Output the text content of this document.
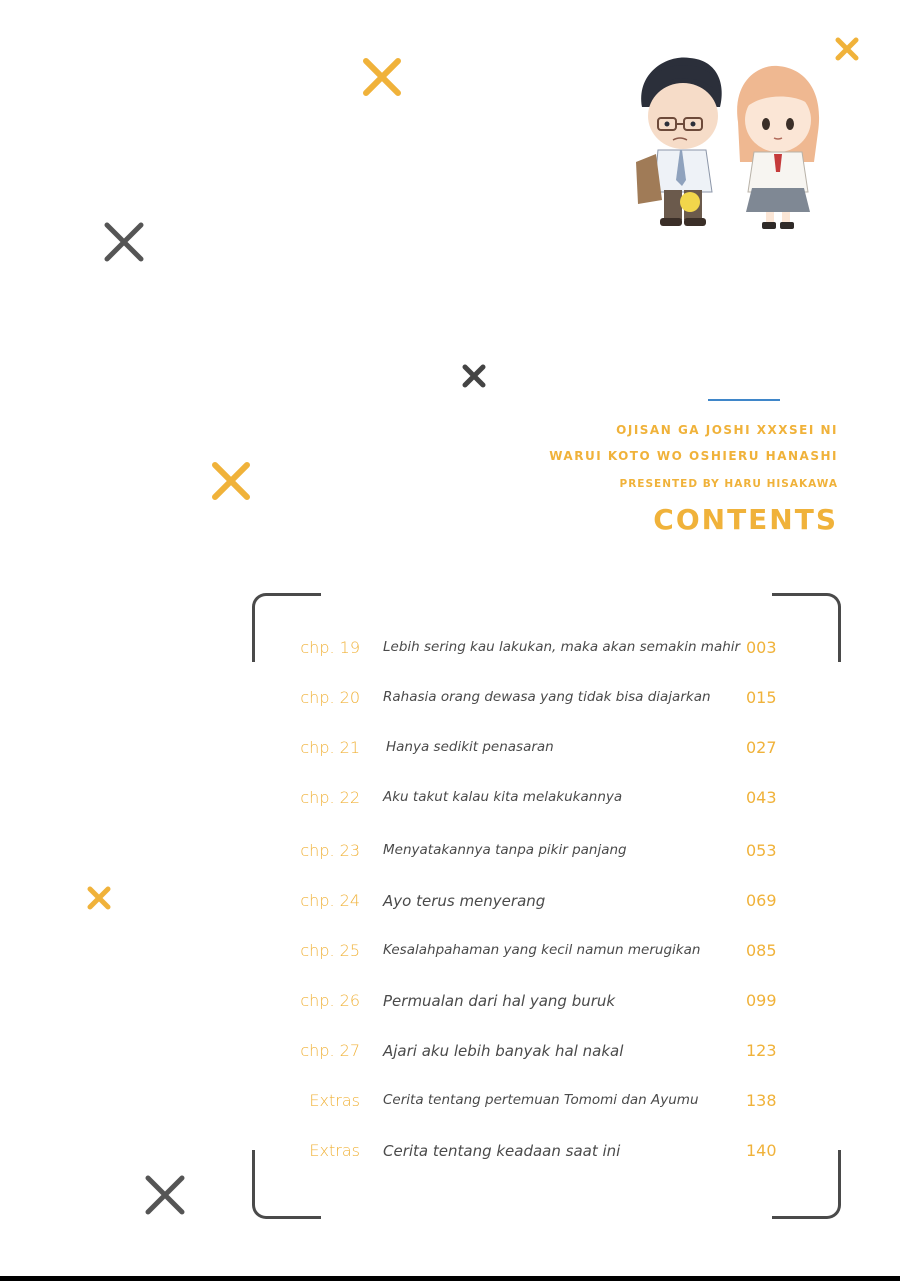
OJISAN GA JOSHI XXXSEI NI
WARUI KOTO WO OSHIERU HANASHI
PRESENTED BY HARU HISAKAWA
CONTENTS
chp. 19 Lebih sering kau lakukan, maka akan semakin mahir 003
chp. 20 Rahasia orang dewasa yang tidak bisa diajarkan 015
chp. 21 Hanya sedikit penasaran	027
chp. 22 Aku takut kalau kita melakukannya	043
chp. 23 Menyatakannya tanpa pikir panjang	053
chp. 24 Ayo terus menyerang	069
chp. 25 Kesalahpahaman yang kecil namun merugikan	085
chp. 26 Permualan dari hal yang buruk	099
chp. 27 Ajari aku lebih banyak hal nakal	123
Extras Cerita tentang pertemuan Tomomi dan Ayumu	138
Extras Cerita tentang keadaan saat ini	140
